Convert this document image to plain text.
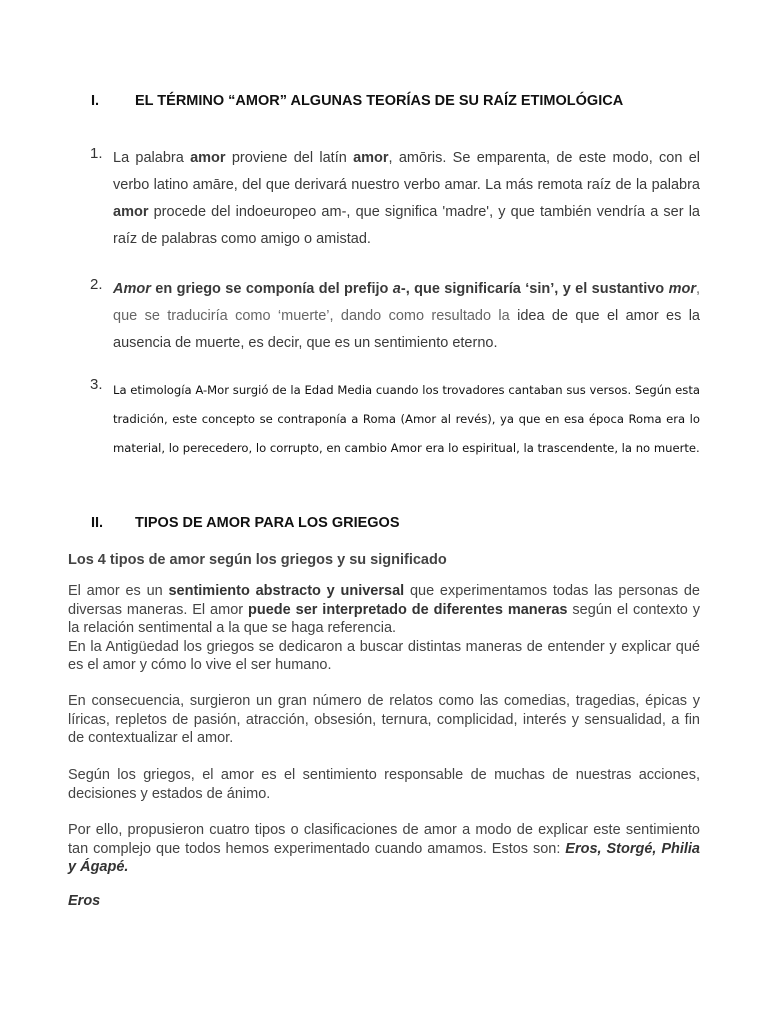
I. EL TÉRMINO “AMOR” ALGUNAS TEORÍAS DE SU RAÍZ ETIMOLÓGICA
1. La palabra amor proviene del latín amor, amōris. Se emparenta, de este modo, con el verbo latino amāre, del que derivará nuestro verbo amar. La más remota raíz de la palabra amor procede del indoeuropeo am-, que significa 'madre', y que también vendría a ser la raíz de palabras como amigo o amistad.
2. Amor en griego se componía del prefijo a-, que significaría ‘sin’, y el sustantivo mor, que se traduciría como ‘muerte’, dando como resultado la idea de que el amor es la ausencia de muerte, es decir, que es un sentimiento eterno.
3. La etimología A-Mor surgió de la Edad Media cuando los trovadores cantaban sus versos. Según esta tradición, este concepto se contraponía a Roma (Amor al revés), ya que en esa época Roma era lo material, lo perecedero, lo corrupto, en cambio Amor era lo espiritual, la trascendente, la no muerte.
II. TIPOS DE AMOR PARA LOS GRIEGOS
Los 4 tipos de amor según los griegos y su significado
El amor es un sentimiento abstracto y universal que experimentamos todas las personas de diversas maneras. El amor puede ser interpretado de diferentes maneras según el contexto y la relación sentimental a la que se haga referencia.
En la Antigüedad los griegos se dedicaron a buscar distintas maneras de entender y explicar qué es el amor y cómo lo vive el ser humano.
En consecuencia, surgieron un gran número de relatos como las comedias, tragedias, épicas y líricas, repletos de pasión, atracción, obsesión, ternura, complicidad, interés y sensualidad, a fin de contextualizar el amor.
Según los griegos, el amor es el sentimiento responsable de muchas de nuestras acciones, decisiones y estados de ánimo.
Por ello, propusieron cuatro tipos o clasificaciones de amor a modo de explicar este sentimiento tan complejo que todos hemos experimentado cuando amamos. Estos son: Eros, Storgé, Philia y Ágapé.
Eros
